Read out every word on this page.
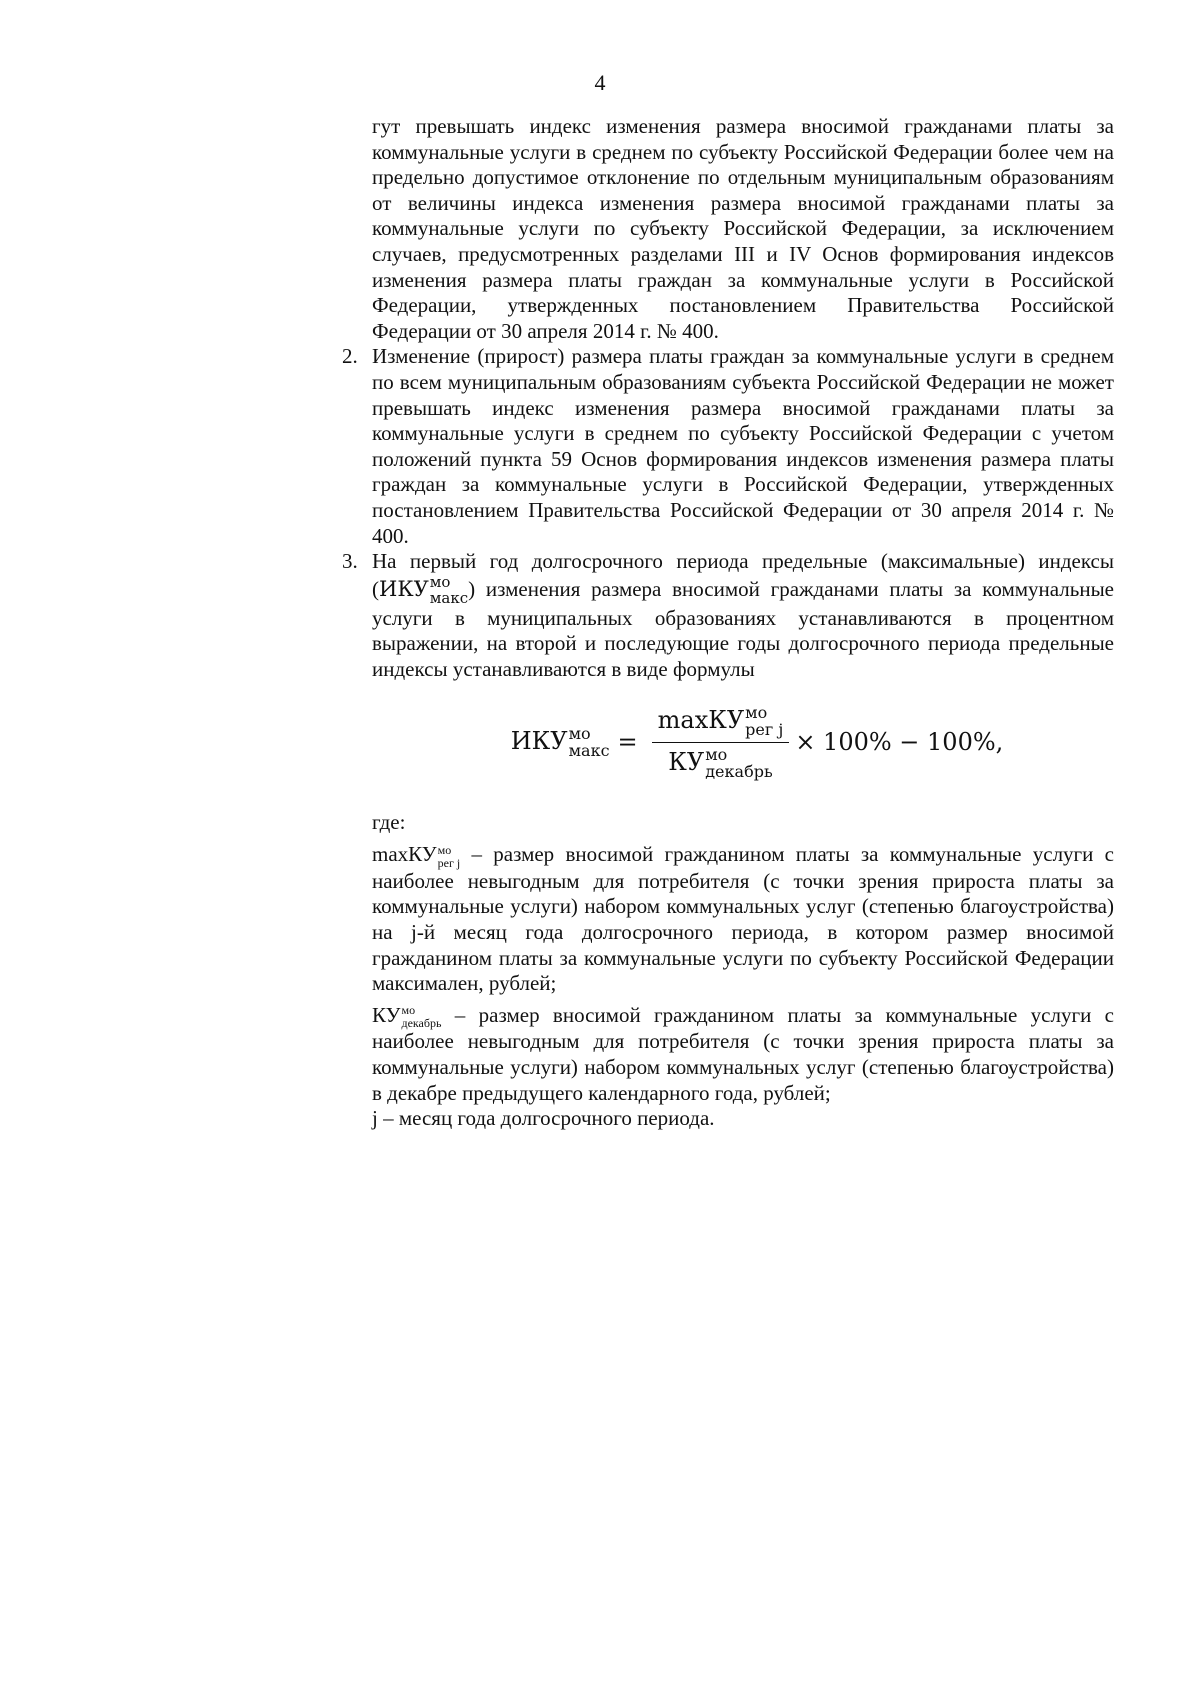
4

гут превышать индекс изменения размера вносимой гражданами платы за коммунальные услуги в среднем по субъекту Российской Федерации более чем на предельно допустимое отклонение по отдельным муниципальным образованиям от величины индекса изменения размера вносимой гражданами платы за коммунальные услуги по субъекту Российской Федерации, за исключением случаев, предусмотренных разделами III и IV Основ формирования индексов изменения размера платы граждан за коммунальные услуги в Российской Федерации, утвержденных постановлением Правительства Российской Федерации от 30 апреля 2014 г. № 400.

2. Изменение (прирост) размера платы граждан за коммунальные услуги в среднем по всем муниципальным образованиям субъекта Российской Федерации не может превышать индекс изменения размера вносимой гражданами платы за коммунальные услуги в среднем по субъекту Российской Федерации с учетом положений пункта 59 Основ формирования индексов изменения размера платы граждан за коммунальные услуги в Российской Федерации, утвержденных постановлением Правительства Российской Федерации от 30 апреля 2014 г. № 400.
3. На первый год долгосрочного периода предельные (максимальные) индексы (ИКУ мо
макс ) изменения размера вносимой гражданами платы за коммунальные услуги в муниципальных образованиях устанавливаются в процентном выражении, на второй и последующие годы долгосрочного периода предельные индексы устанавливаются в виде формулы
ИКУ мо
макс = maxКУ мо
рег j
КУ мо
декабрь × 100% − 100%,

где:

maxКУ мо
рег j – размер вносимой гражданином платы за коммунальные услуги с наиболее невыгодным для потребителя (с точки зрения прироста платы за коммунальные услуги) набором коммунальных услуг (степенью благоустройства) на j-й месяц года долгосрочного периода, в котором размер вносимой гражданином платы за коммунальные услуги по субъекту Российской Федерации максимален, рублей;

КУ мо
декабрь – размер вносимой гражданином платы за коммунальные услуги с наиболее невыгодным для потребителя (с точки зрения прироста платы за коммунальные услуги) набором коммунальных услуг (степенью благоустройства) в декабре предыдущего календарного года, рублей;

j – месяц года долгосрочного периода.
